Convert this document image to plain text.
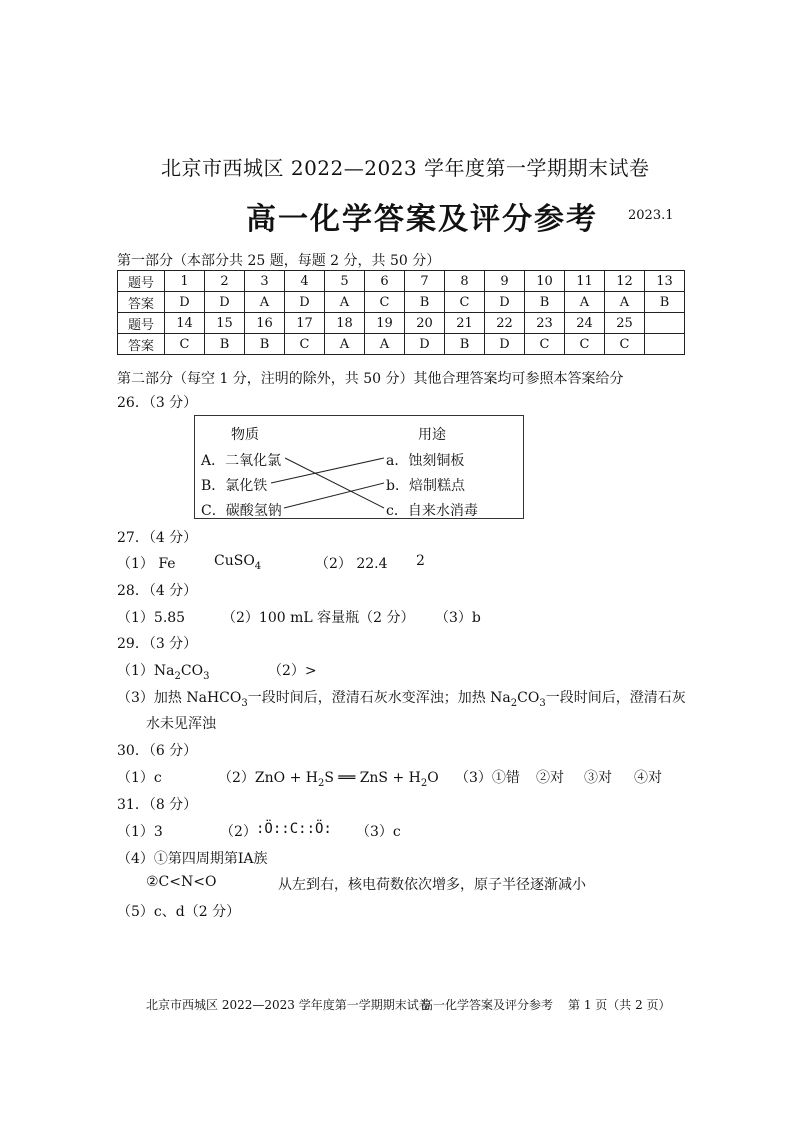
北京市西城区 2022—2023 学年度第一学期期末试卷
高一化学答案及评分参考 2023.1
第一部分（本部分共 25 题，每题 2 分，共 50 分）
题号	1	2	3	4	5	6	7	8	9	10	11	12	13
答案	D	D	A	D	A	C	B	C	D	B	A	A	B
题号	14	15	16	17	18	19	20	21	22	23	24	25	
答案	C	B	B	C	A	A	D	B	D	C	C	C	
第二部分（每空 1 分，注明的除外，共 50 分）其他合理答案均可参照本答案给分
26．（3 分）
物质	用途
A．二氧化氯
B．氯化铁
C．碳酸氢钠
a．蚀刻铜板
b．焙制糕点
c．自来水消毒
27．（4 分）
（1） Fe	CuSO$_4$	（2） 22.4 2
28．（4 分）
（1）5.85	（2）100 mL 容量瓶（2 分） （3）b
29．（3 分）
$(1)Na_2CO_3$	（2）>
（3）加热 NaHCO$_3$一段时间后，澄清石灰水变浑浊；加热 $Na_2CO_3$一段时间后，澄清石灰
水未见浑浊
30．（6 分）
（1）c	$(2)ZnO + H_2S$ ══ ZnS + $H_2O$ （3）①错 ②对 ③对 ④对
31．（8 分）
（1）3	（2） :Ö::C::Ö: （3）c
（4）①第四周期第IA族
②C<N<O	从左到右，核电荷数依次增多，原子半径逐渐减小
（5）c、d（2 分）
北京市西城区 2022—2023 学年度第一学期期末试卷
高一化学答案及评分参考 第 1 页（共 2 页）
